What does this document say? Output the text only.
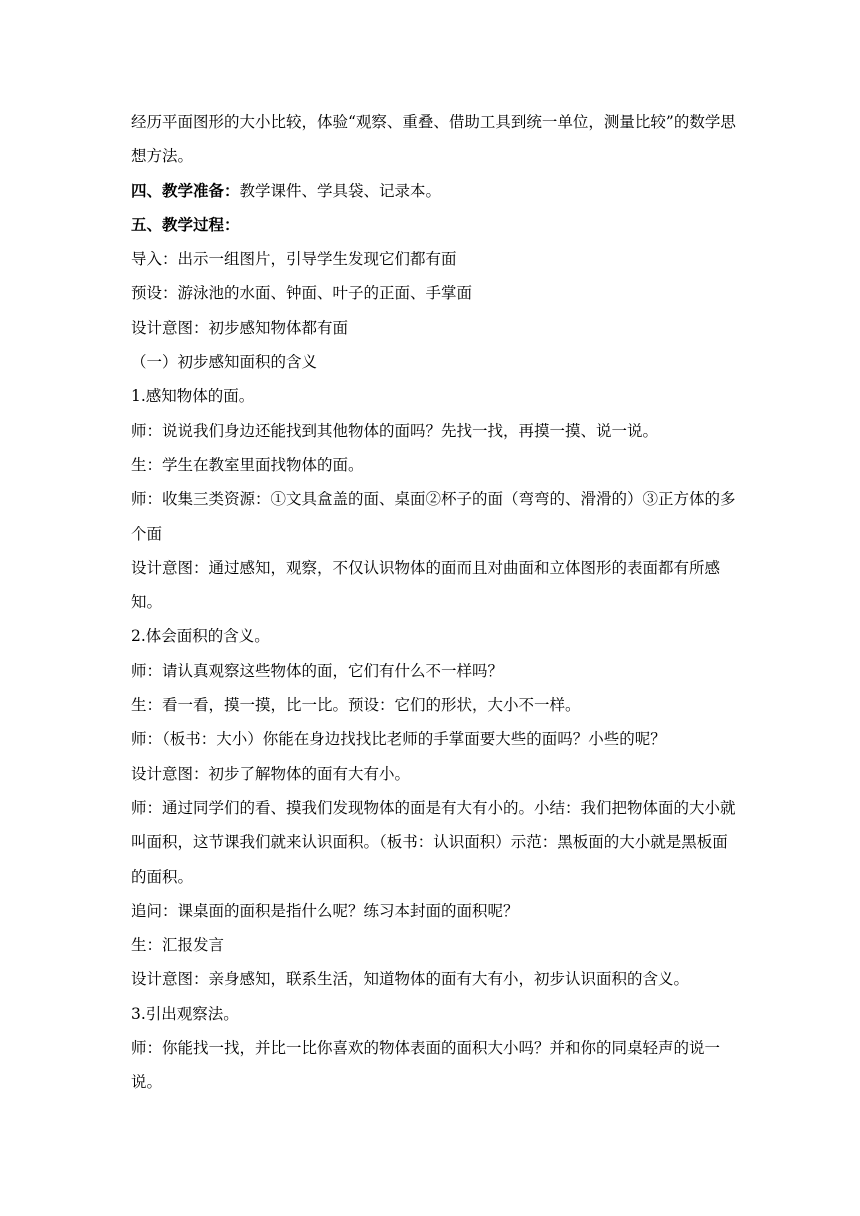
经历平面图形的大小比较，体验“观察、重叠、借助工具到统一单位，测量比较”的数学思想方法。

四、教学准备：教学课件、学具袋、记录本。

五、教学过程：

导入：出示一组图片，引导学生发现它们都有面

预设：游泳池的水面、钟面、叶子的正面、手掌面

设计意图：初步感知物体都有面

（一）初步感知面积的含义

1.感知物体的面。

师：说说我们身边还能找到其他物体的面吗？先找一找，再摸一摸、说一说。

生：学生在教室里面找物体的面。

师：收集三类资源：①文具盒盖的面、桌面②杯子的面（弯弯的、滑滑的）③正方体的多个面

设计意图：通过感知，观察，不仅认识物体的面而且对曲面和立体图形的表面都有所感知。

2.体会面积的含义。

师：请认真观察这些物体的面，它们有什么不一样吗？

生：看一看，摸一摸，比一比。预设：它们的形状，大小不一样。

师：（板书：大小）你能在身边找找比老师的手掌面要大些的面吗？小些的呢？

设计意图：初步了解物体的面有大有小。

师：通过同学们的看、摸我们发现物体的面是有大有小的。小结：我们把物体面的大小就叫面积，这节课我们就来认识面积。（板书：认识面积）示范：黑板面的大小就是黑板面的面积。

追问：课桌面的面积是指什么呢？练习本封面的面积呢？

生：汇报发言

设计意图：亲身感知，联系生活，知道物体的面有大有小，初步认识面积的含义。

3.引出观察法。

师：你能找一找，并比一比你喜欢的物体表面的面积大小吗？并和你的同桌轻声的说一说。
